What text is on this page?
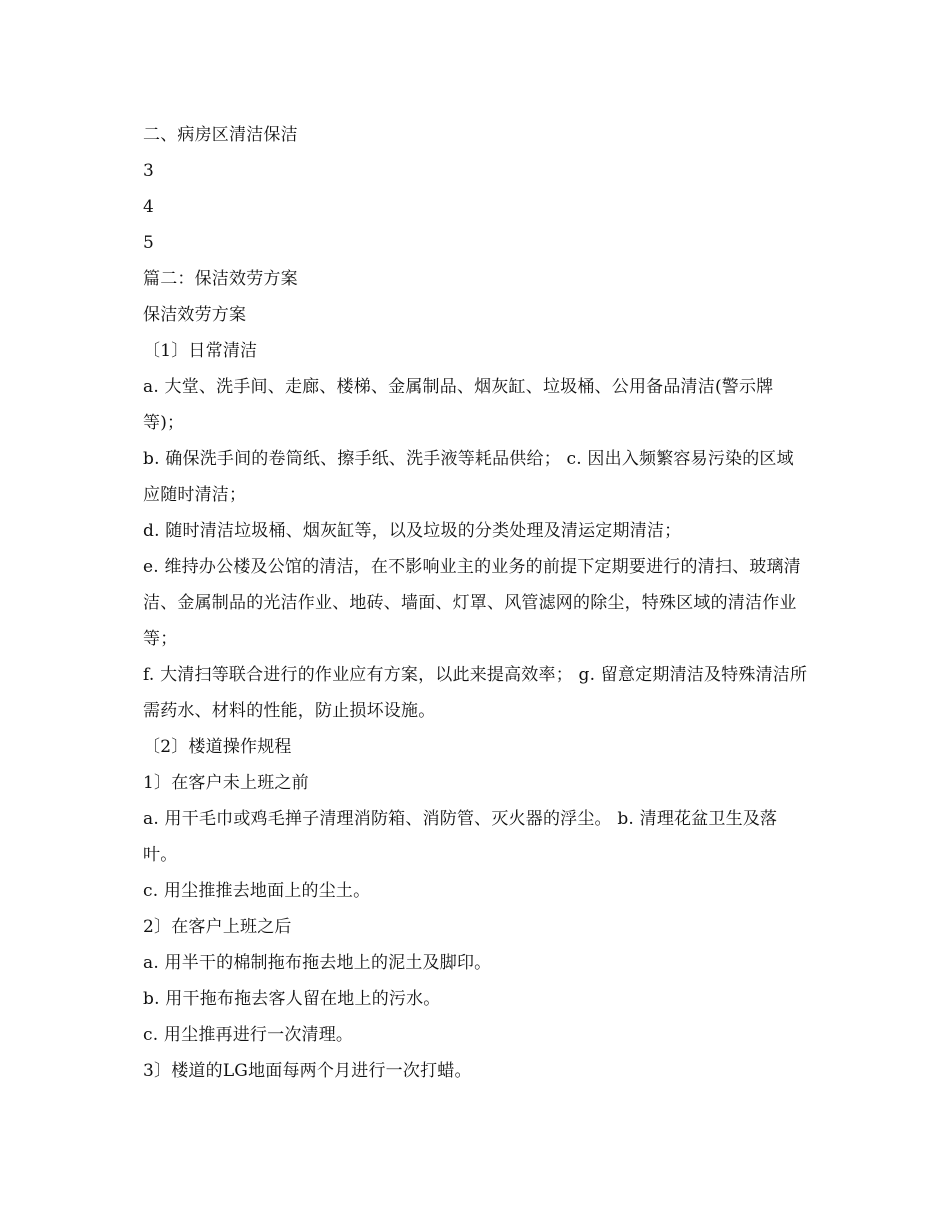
二、病房区清洁保洁

3

4

5

篇二：保洁效劳方案

保洁效劳方案

〔1〕日常清洁

a. 大堂、洗手间、走廊、楼梯、金属制品、烟灰缸、垃圾桶、公用备品清洁(警示牌等)；

b. 确保洗手间的卷筒纸、擦手纸、洗手液等耗品供给； c. 因出入频繁容易污染的区域应随时清洁；

d. 随时清洁垃圾桶、烟灰缸等，以及垃圾的分类处理及清运定期清洁；

e. 维持办公楼及公馆的清洁，在不影响业主的业务的前提下定期要进行的清扫、玻璃清洁、金属制品的光洁作业、地砖、墙面、灯罩、风管滤网的除尘，特殊区域的清洁作业等；

f. 大清扫等联合进行的作业应有方案，以此来提高效率； g. 留意定期清洁及特殊清洁所需药水、材料的性能，防止损坏设施。

〔2〕楼道操作规程

1〕在客户未上班之前

a. 用干毛巾或鸡毛掸子清理消防箱、消防管、灭火器的浮尘。 b. 清理花盆卫生及落叶。

c. 用尘推推去地面上的尘土。

2〕在客户上班之后

a. 用半干的棉制拖布拖去地上的泥土及脚印。

b. 用干拖布拖去客人留在地上的污水。

c. 用尘推再进行一次清理。

3〕楼道的LG地面每两个月进行一次打蜡。
